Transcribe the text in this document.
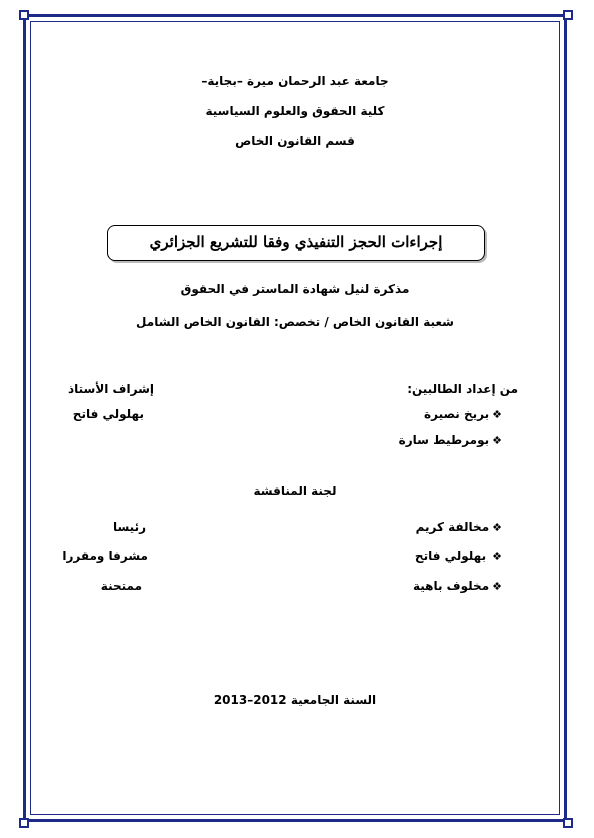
جامعة عبد الرحمان ميرة –بجاية–
كلية الحقوق والعلوم السياسية
قسم القانون الخاص
إجراءات الحجز التنفيذي وفقا للتشريع الجزائري
مذكرة لنيل شهادة الماستر في الحقوق
شعبة القانون الخاص / تخصص: القانون الخاص الشامل
من إعداد الطالبين:
❖بريخ نصيرة
❖بومرطيط سارة
إشراف الأستاذ
بهلولي فاتح
لجنة المناقشة
❖مخالفة كريم
رئيسا
❖بهلولي فاتح
مشرفا ومقررا
❖مخلوف باهية
ممتحنة
السنة الجامعية 2012–2013
